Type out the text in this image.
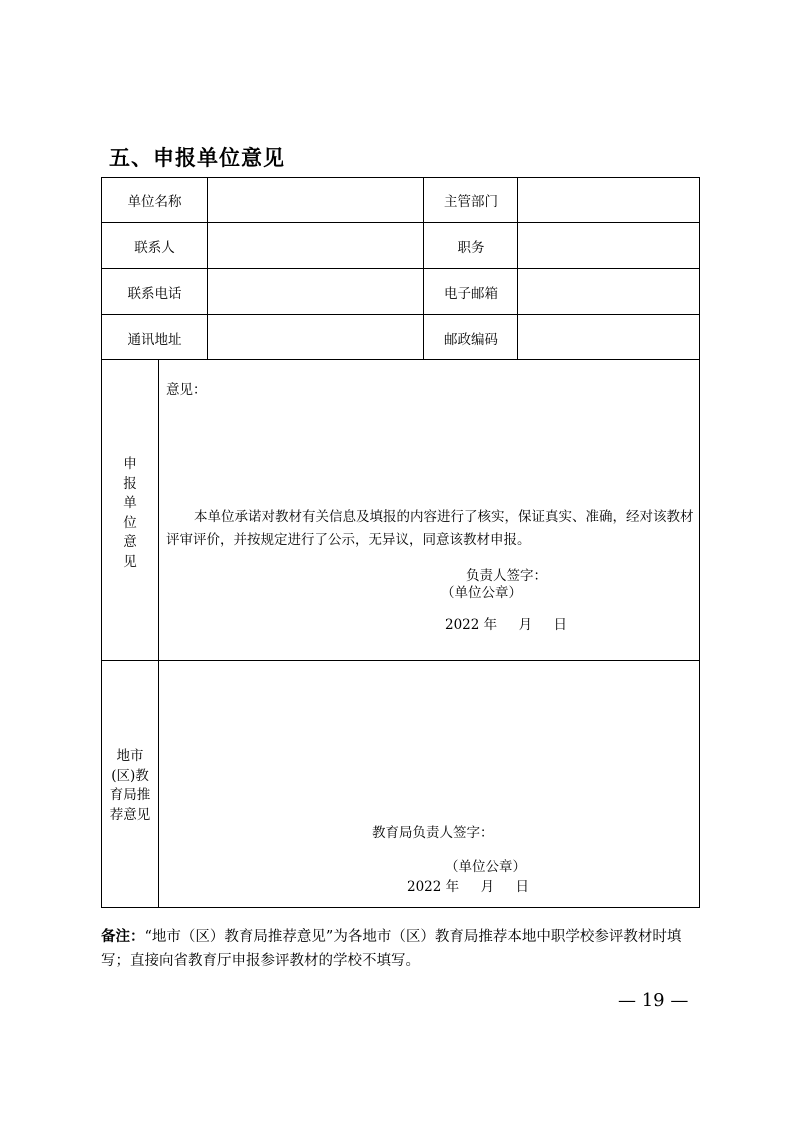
五、申报单位意见
单位名称	主管部门
联系人	职务
联系电话	电子邮箱
通讯地址	邮政编码
申
报
单
位
意
见
意见：
本单位承诺对教材有关信息及填报的内容进行了核实，保证真实、准确，经对该教材评审评价，并按规定进行了公示，无异议，同意该教材申报。
负责人签字：
（单位公章）
2022 年     月     日
地市
(区)教
育局推
荐意见
教育局负责人签字：
（单位公章）
2022 年     月     日
备注：“地市（区）教育局推荐意见”为各地市（区）教育局推荐本地中职学校参评教材时填写；直接向省教育厅申报参评教材的学校不填写。
— 19 —
